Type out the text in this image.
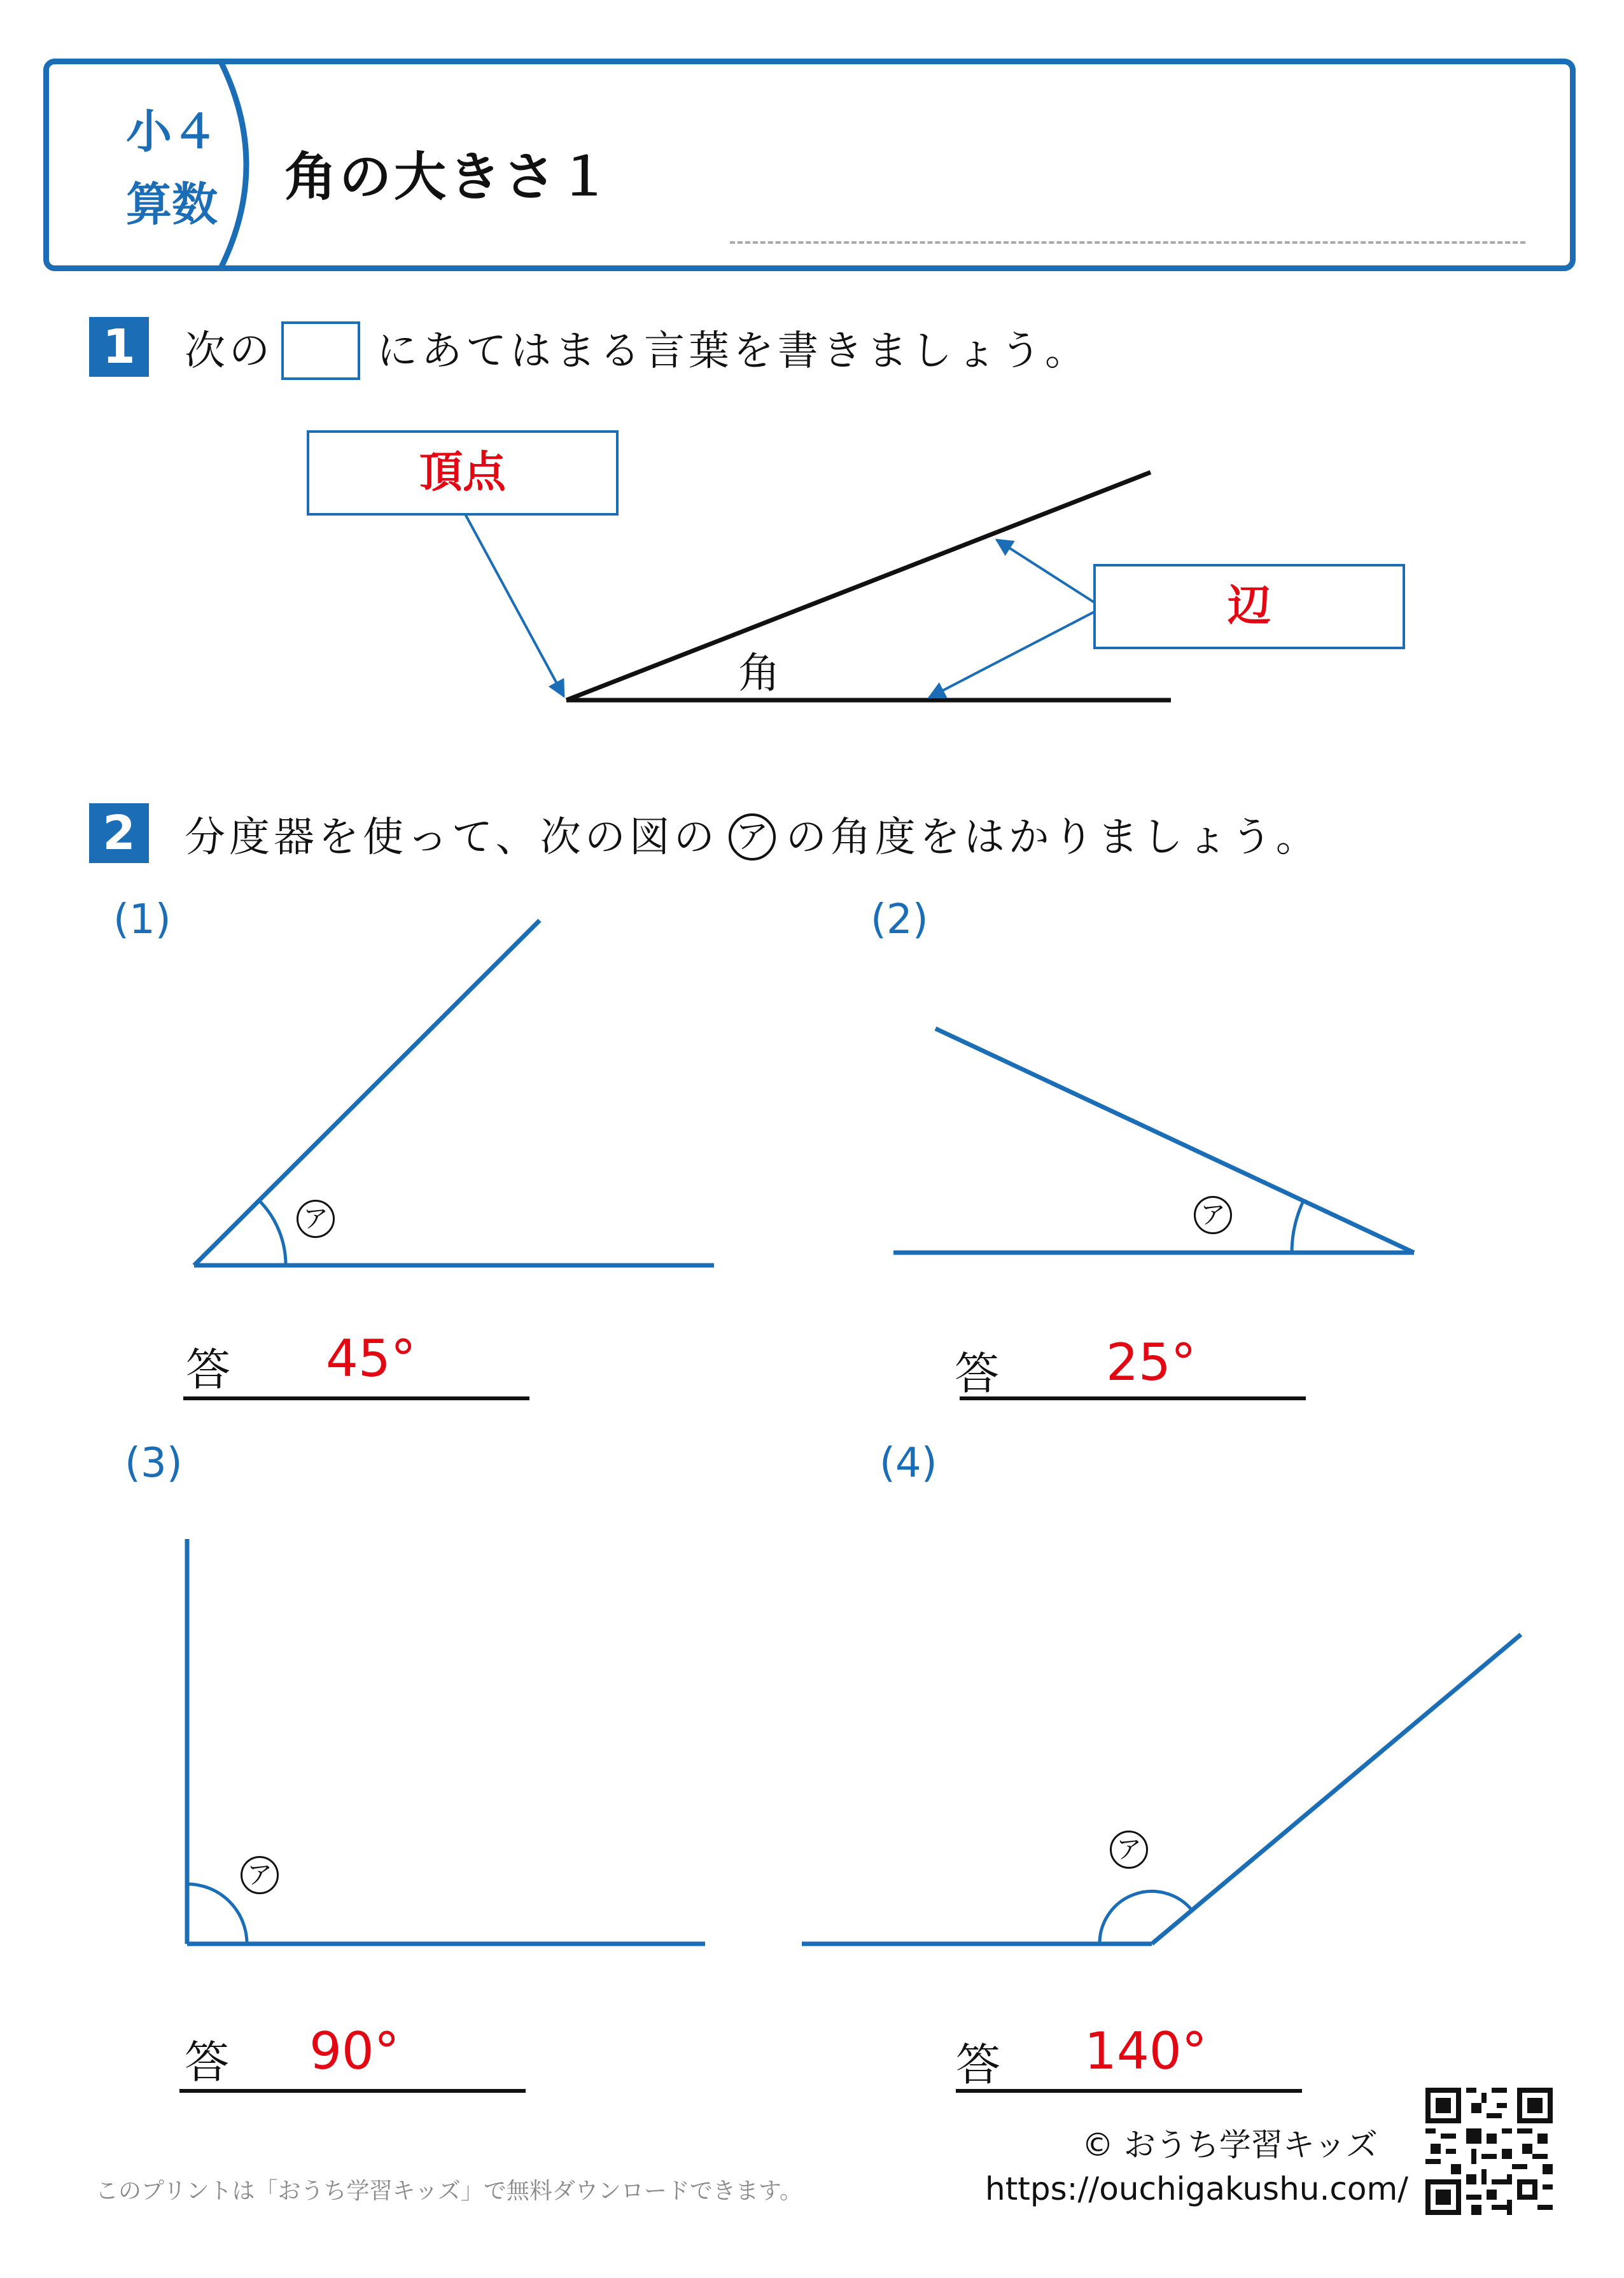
小４
算数	角の大きさ１
1	次の	にあてはまる言葉を書きましょう。
頂点
辺
角
2	分度器を使って、次の図の ア の角度をはかりましょう。
(1)	(2)
(3)	(4)
ア	ア
ア
ア
答 45°	答 25°
答 90°	答 140°
このプリントは「おうち学習キッズ」で無料ダウンロードできます。
© おうち学習キッズ
https://ouchigakushu.com/
